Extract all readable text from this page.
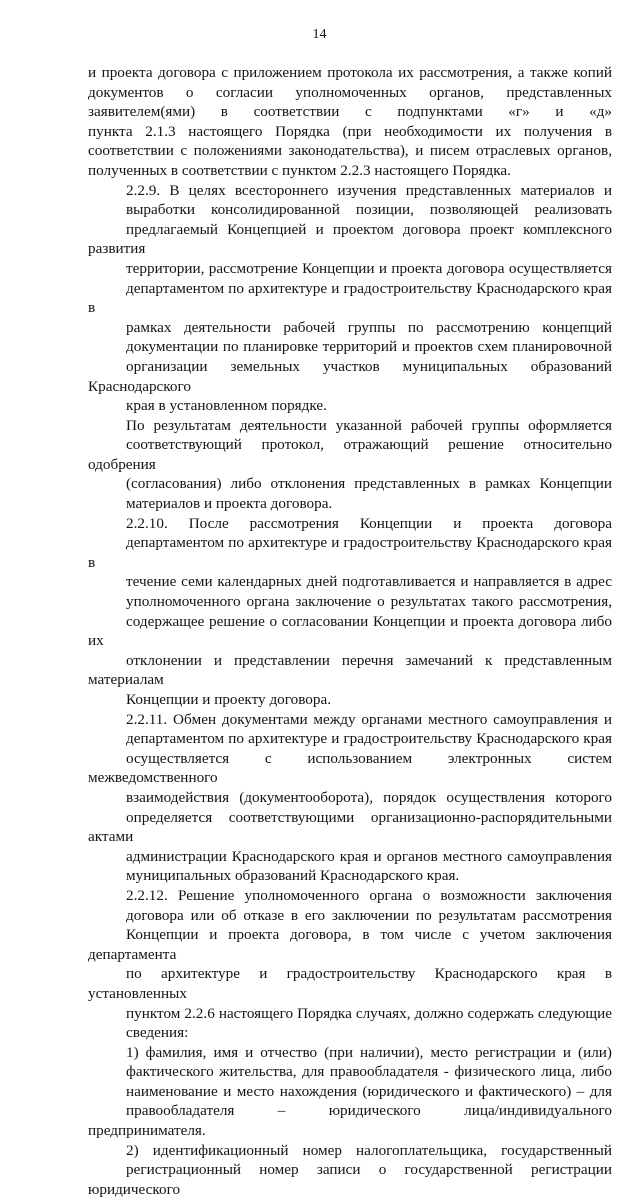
14
и проекта договора с приложением протокола их рассмотрения, а также копий
документов о согласии уполномоченных органов, представленных
заявителем(ями) в соответствии с подпунктами «г» и «д»
пункта 2.1.3 настоящего Порядка (при необходимости их получения в
соответствии с положениями законодательства), и писем отраслевых органов,
полученных в соответствии с пунктом 2.2.3 настоящего Порядка.
2.2.9. В целях всестороннего изучения представленных материалов и
выработки консолидированной позиции, позволяющей реализовать
предлагаемый Концепцией и проектом договора проект комплексного развития
территории, рассмотрение Концепции и проекта договора осуществляется
департаментом по архитектуре и градостроительству Краснодарского края в
рамках деятельности рабочей группы по рассмотрению концепций
документации по планировке территорий и проектов схем планировочной
организации земельных участков муниципальных образований Краснодарского
края в установленном порядке.
По результатам деятельности указанной рабочей группы оформляется
соответствующий протокол, отражающий решение относительно одобрения
(согласования) либо отклонения представленных в рамках Концепции
материалов и проекта договора.
2.2.10. После рассмотрения Концепции и проекта договора
департаментом по архитектуре и градостроительству Краснодарского края в
течение семи календарных дней подготавливается и направляется в адрес
уполномоченного органа заключение о результатах такого рассмотрения,
содержащее решение о согласовании Концепции и проекта договора либо их
отклонении и представлении перечня замечаний к представленным материалам
Концепции и проекту договора.
2.2.11. Обмен документами между органами местного самоуправления и
департаментом по архитектуре и градостроительству Краснодарского края
осуществляется с использованием электронных систем межведомственного
взаимодействия (документооборота), порядок осуществления которого
определяется соответствующими организационно-распорядительными актами
администрации Краснодарского края и органов местного самоуправления
муниципальных образований Краснодарского края.
2.2.12. Решение уполномоченного органа о возможности заключения
договора или об отказе в его заключении по результатам рассмотрения
Концепции и проекта договора, в том числе с учетом заключения департамента
по архитектуре и градостроительству Краснодарского края в установленных
пунктом 2.2.6 настоящего Порядка случаях, должно содержать следующие
сведения:
1) фамилия, имя и отчество (при наличии), место регистрации и (или)
фактического жительства, для правообладателя - физического лица, либо
наименование и место нахождения (юридического и фактического) – для
правообладателя – юридического лица/индивидуального предпринимателя.
2) идентификационный номер налогоплательщика, государственный
регистрационный номер записи о государственной регистрации юридического
